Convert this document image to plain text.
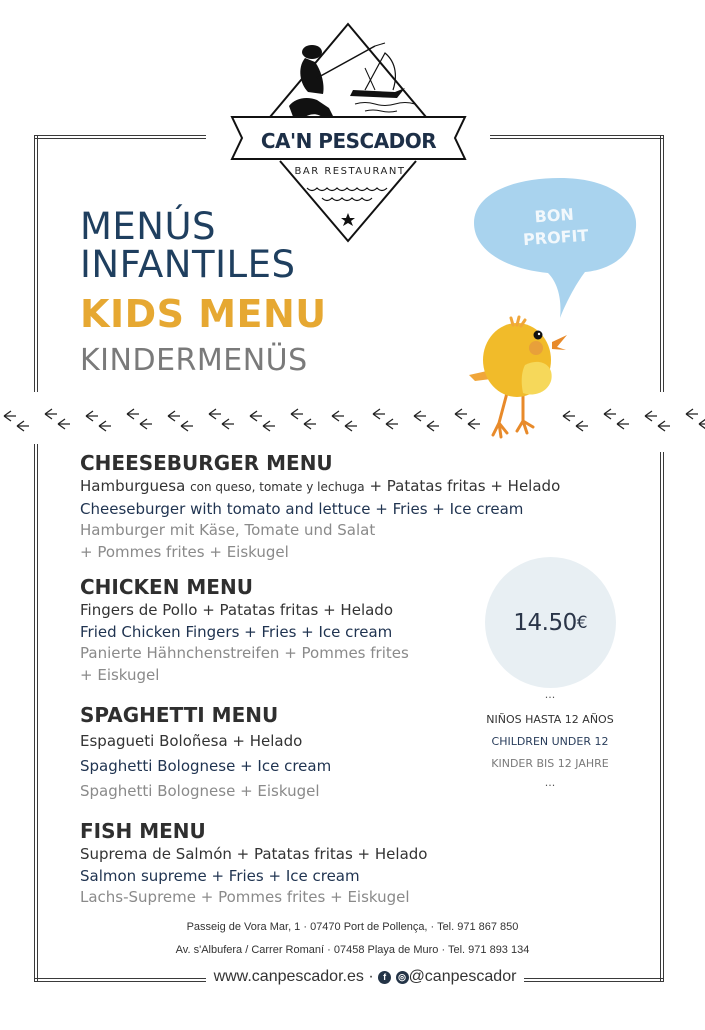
CA'N PESCADOR
BAR RESTAURANT
MENÚS
INFANTILES
KIDS MENU
KINDERMENÜS
BON
PROFIT
CHEESEBURGER MENU
Hamburguesa con queso, tomate y lechuga + Patatas fritas + Helado
Cheeseburger with tomato and lettuce + Fries + Ice cream
Hamburger mit Käse, Tomate und Salat
+ Pommes frites + Eiskugel
CHICKEN MENU
Fingers de Pollo + Patatas fritas + Helado
Fried Chicken Fingers + Fries + Ice cream
Panierte Hähnchenstreifen + Pommes frites
+ Eiskugel
SPAGHETTI MENU
Espagueti Boloñesa + Helado
Spaghetti Bolognese + Ice cream
Spaghetti Bolognese + Eiskugel
FISH MENU
Suprema de Salmón + Patatas fritas + Helado
Salmon supreme + Fries + Ice cream
Lachs-Supreme + Pommes frites + Eiskugel
14.50 €
...
NIÑOS HASTA 12 AÑOS
CHILDREN UNDER 12
KINDER BIS 12 JAHRE
...
Passeig de Vora Mar, 1 · 07470 Port de Pollença, · Tel. 971 867 850
Av. s'Albufera / Carrer Romaní · 07458 Playa de Muro · Tel. 971 893 134
www.canpescador.es · f ◎ @canpescador
